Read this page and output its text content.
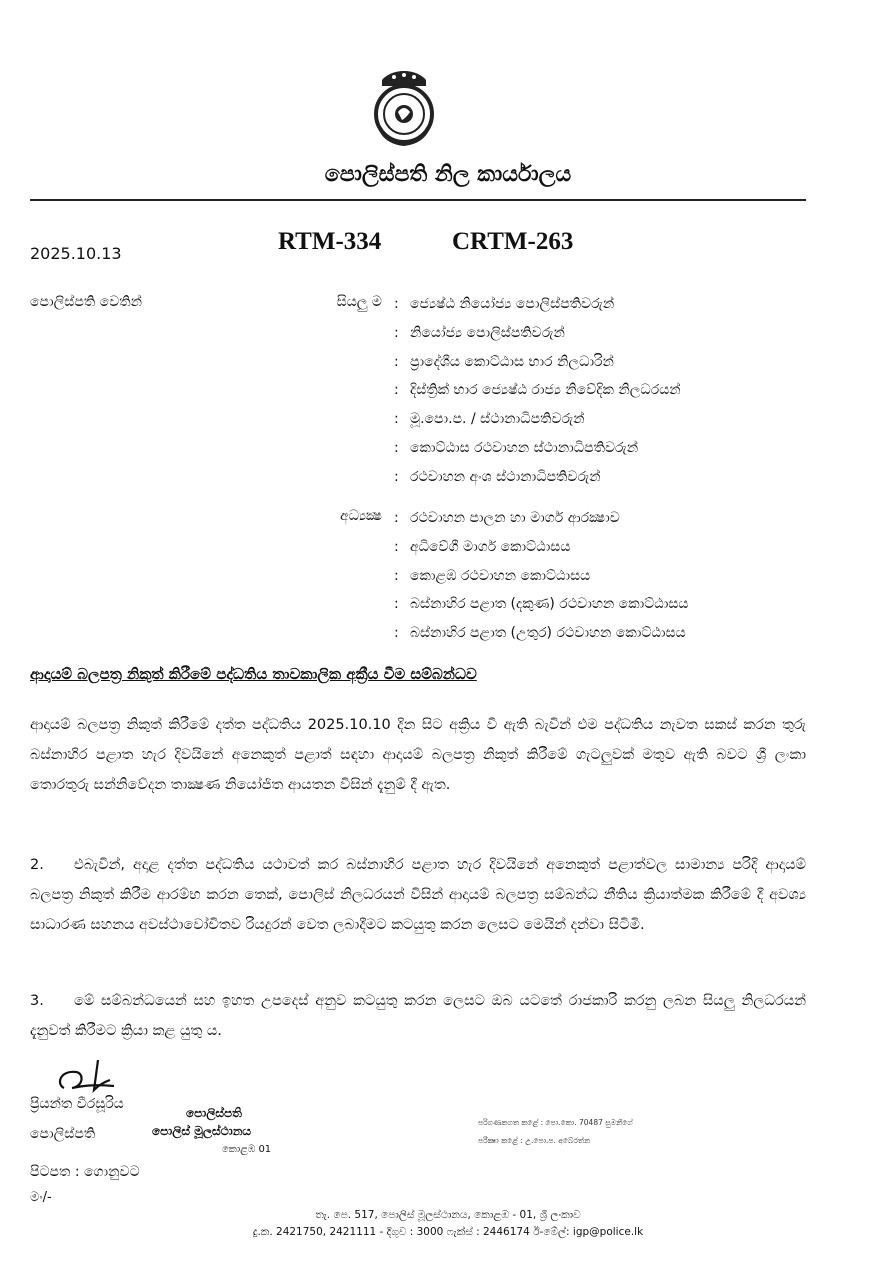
පොලිස්පති නිල කාර්යාලය
2025.10.13	RTM-334	CRTM-263
පොලිස්පති වෙතින්	සියලු ම : ජ්‍යෙෂ්ඨ නියෝජ්‍ය පොලිස්පතිවරුන්
: නියෝජ්‍ය පොලිස්පතිවරුන්
: ප්‍රාදේශීය කොට්ඨාස භාර නිලධාරින්
: දිස්ත්‍රික් භාර ජ්‍යෙෂ්ඨ රාජ්‍ය නිවේදික නිලධරයන්
: මූ.පො.ප. / ස්ථානාධිපතිවරුන්
: කොට්ඨාස රථවාහන ස්ථානාධිපතිවරුන්
: රථවාහන අංශ ස්ථානාධිපතිවරුන්
අධ්‍යක්‍ෂ : රථවාහන පාලන හා මාර්ග ආරක්‍ෂාව
: අධිවේගී මාර්ග කොට්ඨාසය
: කොළඹ රථවාහන කොට්ඨාසය
: බස්නාහිර පළාත (දකුණ) රථවාහන කොට්ඨාසය
: බස්නාහිර පළාත (උතුර) රථවාහන කොට්ඨාසය
ආදායම් බලපත්‍ර නිකුත් කිරීමේ පද්ධතිය තාවකාලික අක්‍රීය වීම සම්බන්ධව

ආදායම් බලපත්‍ර නිකුත් කිරීමේ දත්ත පද්ධතිය 2025.10.10 දින සිට අක්‍රිය වී ඇති බැවින් එම පද්ධතිය නැවත සකස් කරන තුරු බස්නාහිර පළාත හැර දිවයිනේ අනෙකුත් පළාත් සඳහා ආදායම් බලපත්‍ර නිකුත් කිරීමේ ගැටලුවක් මතුව ඇති බවට ශ්‍රී ලංකා තොරතුරු සන්නිවේදන තාක්‍ෂණ නියෝජිත ආයතන විසින් දැනුම් දී ඇත.

2. එබැවින්, අදාළ දත්ත පද්ධතිය යථාවත් කර බස්නාහිර පළාත හැර දිවයිනේ අනෙකුත් පළාත්වල සාමාන්‍ය පරිදි ආදායම් බලපත්‍ර නිකුත් කිරීම ආරම්භ කරන තෙක්, පොලිස් නිලධරයන් විසින් ආදායම් බලපත්‍ර සම්බන්ධ නීතිය ක්‍රියාත්මක කිරීමේ දී අවශ්‍ය සාධාරණ සහනය අවස්ථාවෝචිතව රියදුරන් වෙත ලබාදීමට කටයුතු කරන ලෙසට මෙයින් දන්වා සිටිමි.

3. මේ සම්බන්ධයෙන් සහ ඉහත උපදෙස් අනුව කටයුතු කරන ලෙසට ඔබ යටතේ රාජකාරි කරනු ලබන සියලු නිලධරයන් දැනුවත් කිරීමට ක්‍රියා කළ යුතු ය.

ප්‍රියන්ත වීරසූරිය
පොලිස්පති
පොලිස්පති
පොලිස් මූලස්ථානය
කොළඹ 01
පරිගණකගත කළේ : පො.කො. 70487 සුමනීගේ
පරීක්‍ෂා කළේ : උ.පො.ප. අබේරත්න
පිටපත : ගොනුවට
මං/-
තැ. පෙ. 517, පොලිස් මූලස්ථානය, කොළඹ - 01, ශ්‍රී ලංකාව
දු.ක. 2421750, 2421111 - දිගුව : 3000 ෆැක්ස් : 2446174 ඊ-මේල්: igp@police.lk
